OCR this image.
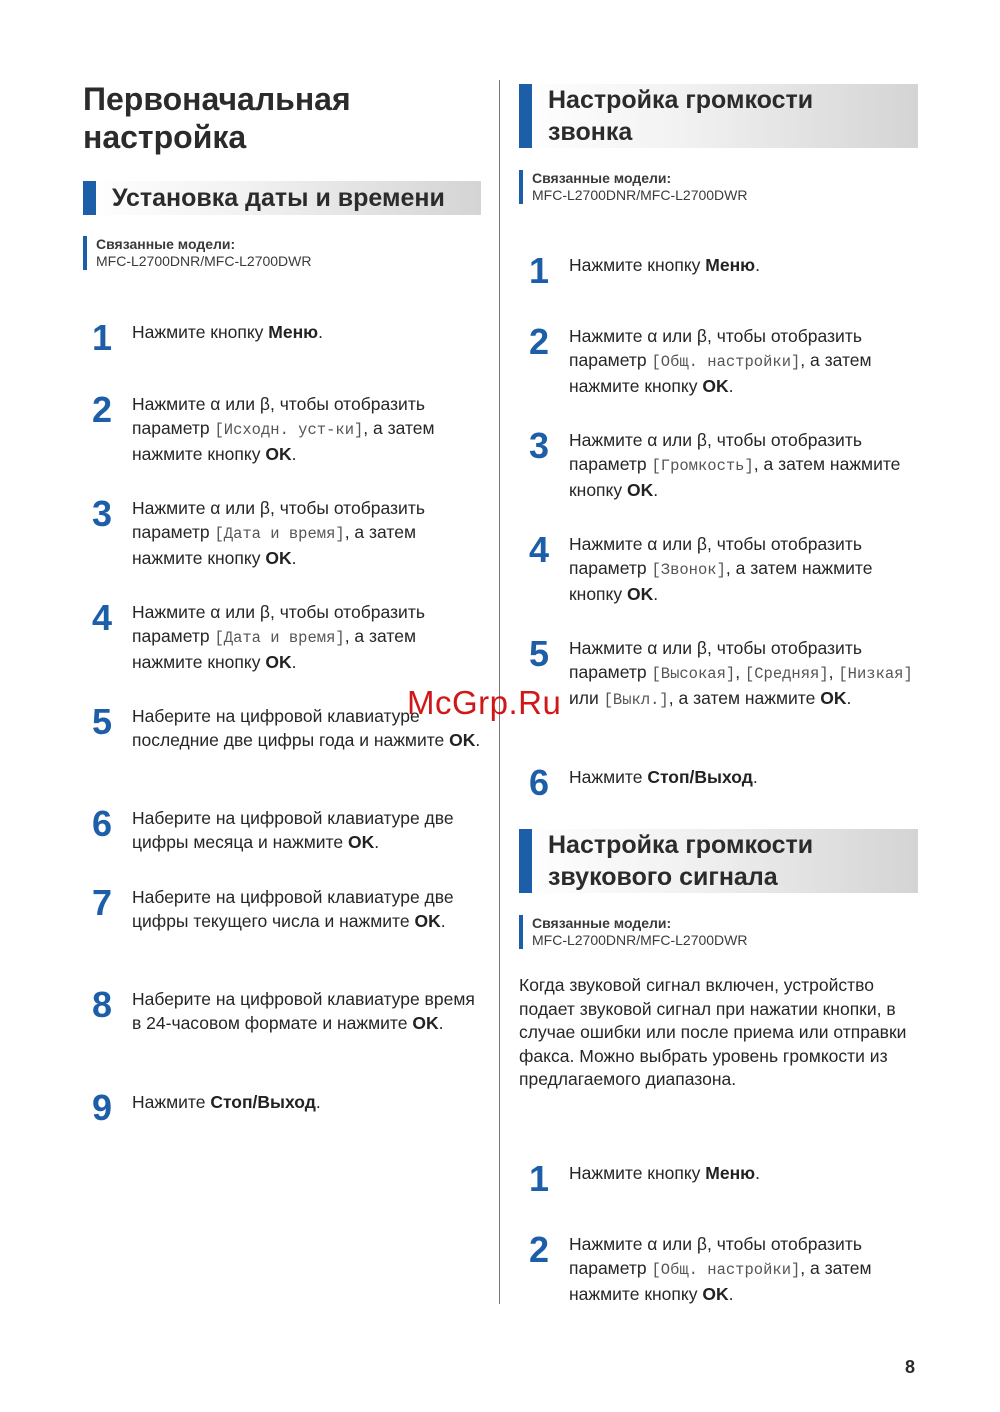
Первоначальная
настройка
Установка даты и времени
Связанные модели:
MFC-L2700DNR/MFC-L2700DWR
1 Нажмите кнопку Меню.
2 Нажмите α или β, чтобы отобразить параметр [Исходн. уст-ки], а затем нажмите кнопку OK.
3 Нажмите α или β, чтобы отобразить параметр [Дата и время], а затем нажмите кнопку OK.
4 Нажмите α или β, чтобы отобразить параметр [Дата и время], а затем нажмите кнопку OK.
5 Наберите на цифровой клавиатуре последние две цифры года и нажмите OK.
6 Наберите на цифровой клавиатуре две цифры месяца и нажмите OK.
7 Наберите на цифровой клавиатуре две цифры текущего числа и нажмите OK.
8 Наберите на цифровой клавиатуре время в 24-часовом формате и нажмите OK.
9 Нажмите Стоп/Выход.
Настройка громкости
звонка
Связанные модели:
MFC-L2700DNR/MFC-L2700DWR
1 Нажмите кнопку Меню.
2 Нажмите α или β, чтобы отобразить параметр [Общ. настройки], а затем нажмите кнопку OK.
3 Нажмите α или β, чтобы отобразить параметр [Громкость], а затем нажмите кнопку OK.
4 Нажмите α или β, чтобы отобразить параметр [Звонок], а затем нажмите кнопку OK.
5 Нажмите α или β, чтобы отобразить параметр [Высокая], [Средняя], [Низкая] или [Выкл.], а затем нажмите OK.
6 Нажмите Стоп/Выход.
Настройка громкости
звукового сигнала
Связанные модели:
MFC-L2700DNR/MFC-L2700DWR
Когда звуковой сигнал включен, устройство подает звуковой сигнал при нажатии кнопки, в случае ошибки или после приема или отправки факса. Можно выбрать уровень громкости из предлагаемого диапазона.
1 Нажмите кнопку Меню.
2 Нажмите α или β, чтобы отобразить параметр [Общ. настройки], а затем нажмите кнопку OK.
McGrp.Ru
8
